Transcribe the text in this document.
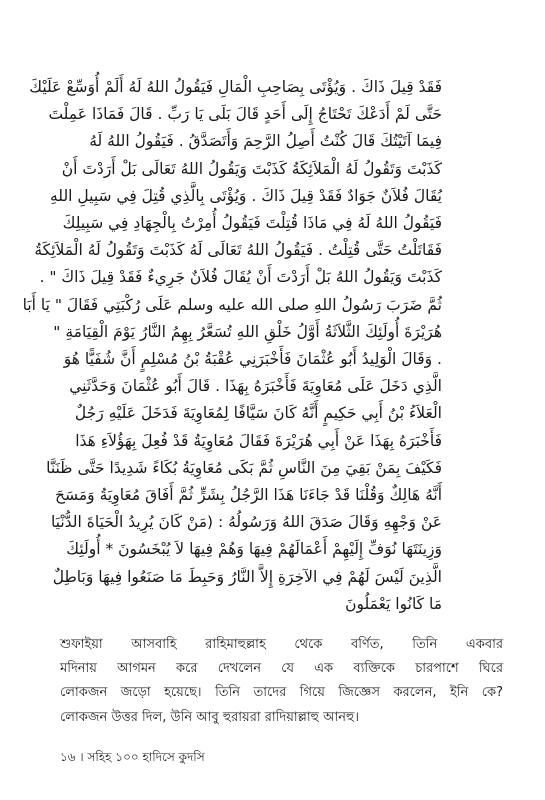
فَقَدْ قِيلَ ذَاكَ . وَيُؤْتَى بِصَاحِبِ الْمَالِ فَيَقُولُ اللهُ لَهُ أَلَمْ أُوَسِّعْ عَلَيْكَ
حَتَّى لَمْ أَدَعْكَ تَحْتَاجُ إِلَى أَحَدٍ قَالَ بَلَى يَا رَبِّ . قَالَ فَمَاذَا عَمِلْتَ
فِيمَا آتَيْتُكَ قَالَ كُنْتُ أَصِلُ الرَّحِمَ وَأَتَصَدَّقُ . فَيَقُولُ اللهُ لَهُ
كَذَبْتَ وَتَقُولُ لَهُ الْمَلاَئِكَةُ كَذَبْتَ وَيَقُولُ اللهُ تَعَالَى بَلْ أَرَدْتَ أَنْ
يُقَالَ فُلاَنٌ جَوَادٌ فَقَدْ قِيلَ ذَاكَ . وَيُؤْتَى بِالَّذِي قُتِلَ فِي سَبِيلِ اللهِ
فَيَقُولُ اللهُ لَهُ فِي مَاذَا قُتِلْتَ فَيَقُولُ أُمِرْتُ بِالْجِهَادِ فِي سَبِيلِكَ
فَقَاتَلْتُ حَتَّى قُتِلْتُ . فَيَقُولُ اللهُ تَعَالَى لَهُ كَذَبْتَ وَتَقُولُ لَهُ الْمَلاَئِكَةُ
كَذَبْتَ وَيَقُولُ اللهُ بَلْ أَرَدْتَ أَنْ يُقَالَ فُلاَنٌ جَرِيءٌ فَقَدْ قِيلَ ذَاكَ " .
ثُمَّ ضَرَبَ رَسُولُ اللهِ صلى الله عليه وسلم عَلَى رُكْبَتِي فَقَالَ " يَا أَبَا
هُرَيْرَةَ أُولَئِكَ الثَّلاَثَةُ أَوَّلُ خَلْقِ اللهِ تُسَعَّرُ بِهِمُ النَّارُ يَوْمَ الْقِيَامَةِ "
. وَقَالَ الْوَلِيدُ أَبُو عُثْمَانَ فَأَخْبَرَنِي عُقْبَةُ بْنُ مُسْلِمٍ أَنَّ شُفَيًّا هُوَ
الَّذِي دَخَلَ عَلَى مُعَاوِيَةَ فَأَخْبَرَهُ بِهَذَا . قَالَ أَبُو عُثْمَانَ وَحَدَّثَنِي
الْعَلاَءُ بْنُ أَبِي حَكِيمٍ أَنَّهُ كَانَ سَيَّافًا لِمُعَاوِيَةَ فَدَخَلَ عَلَيْهِ رَجُلٌ
فَأَخْبَرَهُ بِهَذَا عَنْ أَبِي هُرَيْرَةَ فَقَالَ مُعَاوِيَةُ قَدْ فُعِلَ بِهَؤُلاَءِ هَذَا
فَكَيْفَ بِمَنْ بَقِيَ مِنَ النَّاسِ ثُمَّ بَكَى مُعَاوِيَةُ بُكَاءً شَدِيدًا حَتَّى ظَنَنَّا
أَنَّهُ هَالِكٌ وَقُلْنَا قَدْ جَاءَنَا هَذَا الرَّجُلُ بِشَرٍّ ثُمَّ أَفَاقَ مُعَاوِيَةُ وَمَسَحَ
عَنْ وَجْهِهِ وَقَالَ صَدَقَ اللهُ وَرَسُولُهُ : (مَنْ كَانَ يُرِيدُ الْحَيَاةَ الدُّنْيَا
وَزِينَتَهَا نُوَفِّ إِلَيْهِمْ أَعْمَالَهُمْ فِيهَا وَهُمْ فِيهَا لاَ يُبْخَسُونَ * أُولَئِكَ
الَّذِينَ لَيْسَ لَهُمْ فِي الآخِرَةِ إِلاَّ النَّارُ وَحَبِطَ مَا صَنَعُوا فِيهَا وَبَاطِلٌ
مَا كَانُوا يَعْمَلُونَ
শুফাইয়া আসবাহি রাহিমাহুল্লাহ থেকে বর্ণিত, তিনি একবার
মদিনায় আগমন করে দেখলেন যে এক ব্যক্তিকে চারপাশে ঘিরে
লোকজন জড়ো হয়েছে। তিনি তাদের গিয়ে জিজ্ঞেস করলেন, ইনি কে?
লোকজন উত্তর দিল, উনি আবু হুরায়রা রাদিয়াল্লাহু আনহু।
১৬ । সহিহ ১০০ হাদিসে কুদসি
